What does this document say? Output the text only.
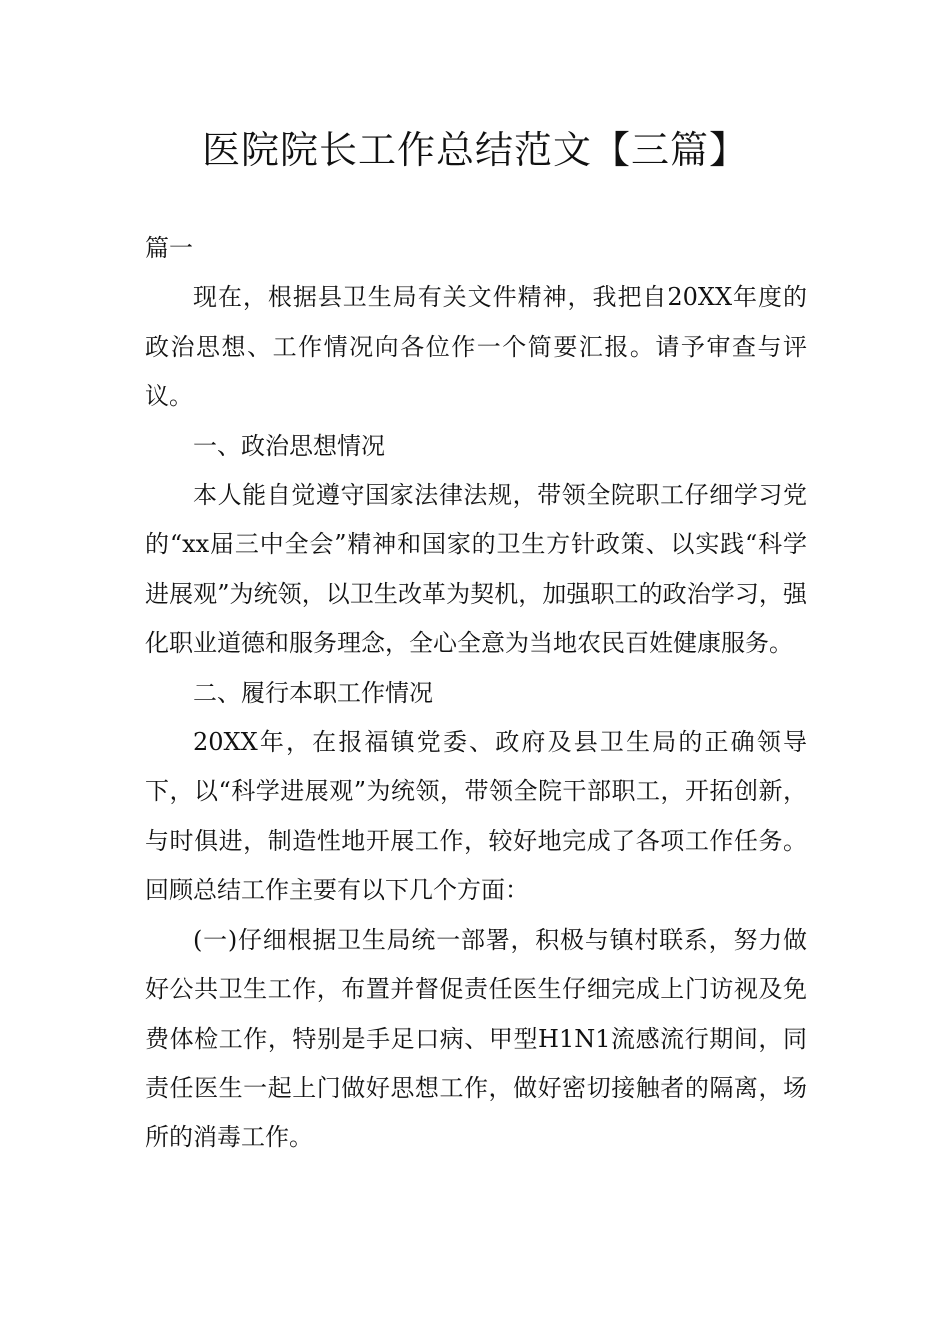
医院院长工作总结范文【三篇】

篇一

现在，根据县卫生局有关文件精神，我把自20XX年度的政治思想、工作情况向各位作一个简要汇报。请予审查与评议。

一、政治思想情况

本人能自觉遵守国家法律法规，带领全院职工仔细学习党的“xx届三中全会”精神和国家的卫生方针政策、以实践“科学进展观”为统领，以卫生改革为契机，加强职工的政治学习，强化职业道德和服务理念，全心全意为当地农民百姓健康服务。

二、履行本职工作情况

20XX年，在报福镇党委、政府及县卫生局的正确领导下，以“科学进展观”为统领，带领全院干部职工，开拓创新，与时俱进，制造性地开展工作，较好地完成了各项工作任务。回顾总结工作主要有以下几个方面：

(一)仔细根据卫生局统一部署，积极与镇村联系，努力做好公共卫生工作，布置并督促责任医生仔细完成上门访视及免费体检工作，特别是手足口病、甲型H1N1流感流行期间，同责任医生一起上门做好思想工作，做好密切接触者的隔离，场所的消毒工作。
